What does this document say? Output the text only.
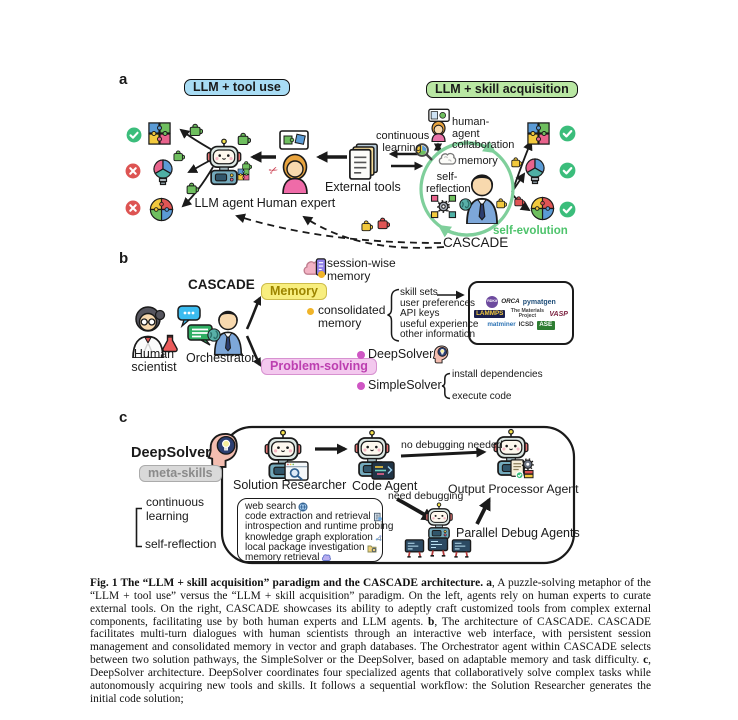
a	LLM + tool use	LLM + skill acquisition
LLM agent
✂
Human expert
External tools
continuous learning
human-agent collaboration
memory
self-reflection
self-evolution
CASCADE
b
CASCADE
Human scientist
Orchestrator
Memory
Problem-solving
session-wise memory
consolidated memory
skill sets
user preferences
API keys
useful experience
other information
RDKit ORCA pymatgen
LAMMPS	The Materials Project	VASP
matminer ICSD ASE
DeepSolver
SimpleSolver
install dependencies
execute code
c
DeepSolver
meta-skills
continuous learning
self-reflection
Solution Researcher Code Agent
no debugging needed
Output Processor Agent
need debugging
Parallel Debug Agents
web search
code extraction and retrieval
introspection and runtime probing
knowledge graph exploration
local package investigation
memory retrieval
Fig. 1 The “LLM + skill acquisition” paradigm and the CASCADE architecture. a, A puzzle-solving metaphor of the “LLM + tool use” versus the “LLM + skill acquisition” paradigm. On the left, agents rely on human experts to curate external tools. On the right, CASCADE showcases its ability to adeptly craft customized tools from complex external components, facilitating use by both human experts and LLM agents. b, The architecture of CASCADE. CASCADE facilitates multi-turn dialogues with human scientists through an interactive web interface, with persistent session management and consolidated memory in vector and graph databases. The Orchestrator agent within CASCADE selects between two solution pathways, the SimpleSolver or the DeepSolver, based on adaptable memory and task difficulty. c, DeepSolver architecture. DeepSolver coordinates four specialized agents that collaboratively solve complex tasks while autonomously acquiring new tools and skills. It follows a sequential workflow: the Solution Researcher generates the initial code solution;
